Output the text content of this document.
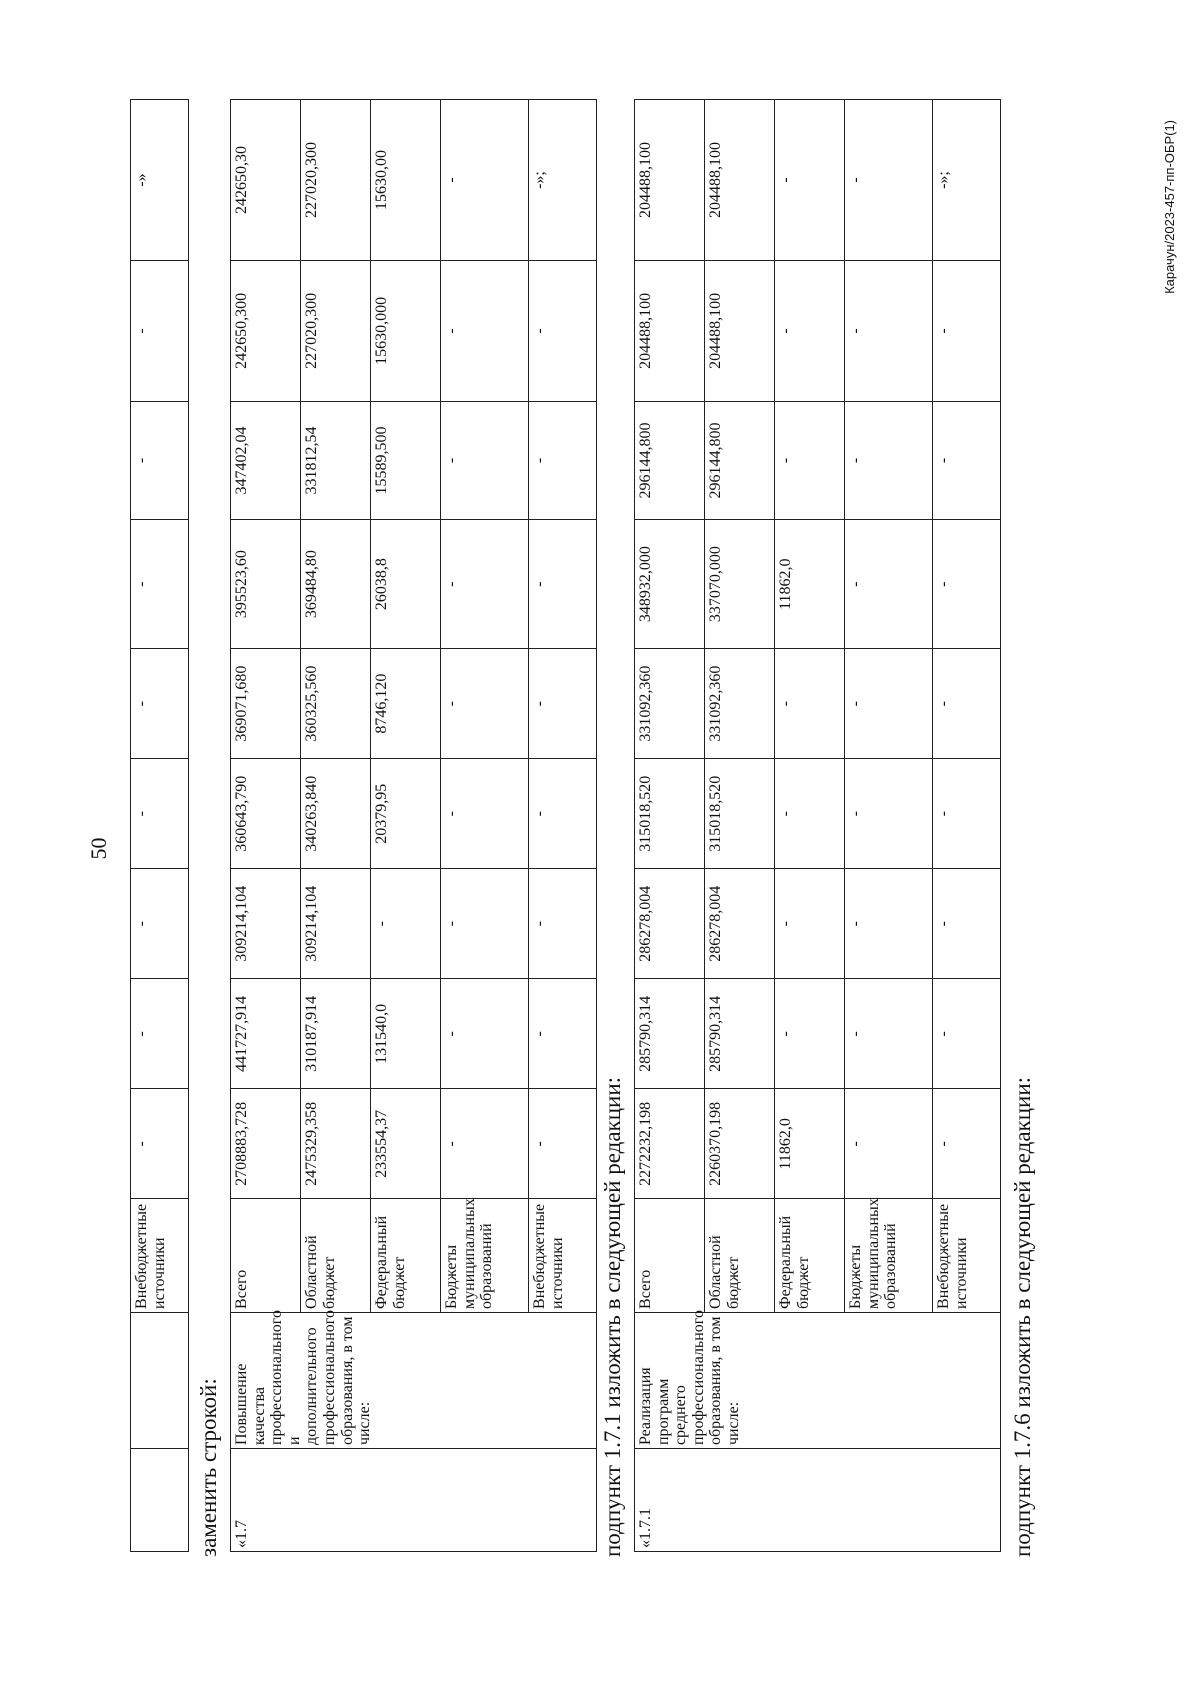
50
		Внебюджетные источники	-	-	-	-	-	-	-	-	-»
заменить строкой: «1.7	Повышение качества профессионального и дополнительного профессионального образования, в том числе:	Всего	2708883,728	441727,914	309214,104	360643,790	369071,680	395523,60	347402,04	242650,300	242650,30
		Областной бюджет	2475329,358	310187,914	309214,104	340263,840	360325,560	369484,80	331812,54	227020,300	227020,300
		Федеральный бюджет	233554,37	131540,0	-	20379,95	8746,120	26038,8	15589,500	15630,000	15630,00
		Бюджеты муниципальных образований	-	-	-	-	-	-	-	-	-
		Внебюджетные источники	-	-	-	-	-	-	-	-	-»;
подпункт 1.7.1 изложить в следующей редакции: «1.7.1	Реализация программ среднего профессионального образования, в том числе:	Всего	2272232,198	285790,314	286278,004	315018,520	331092,360	348932,000	296144,800	204488,100	204488,100
		Областной бюджет	2260370,198	285790,314	286278,004	315018,520	331092,360	337070,000	296144,800	204488,100	204488,100
		Федеральный бюджет	11862,0	-	-	-	-	11862,0	-	-	-
		Бюджеты муниципальных образований	-	-	-	-	-	-	-	-	-
		Внебюджетные источники	-	-	-	-	-	-	-	-	-»;
подпункт 1.7.6 изложить в следующей редакции:
Карачун/2023-457-пп-ОБР(1)
